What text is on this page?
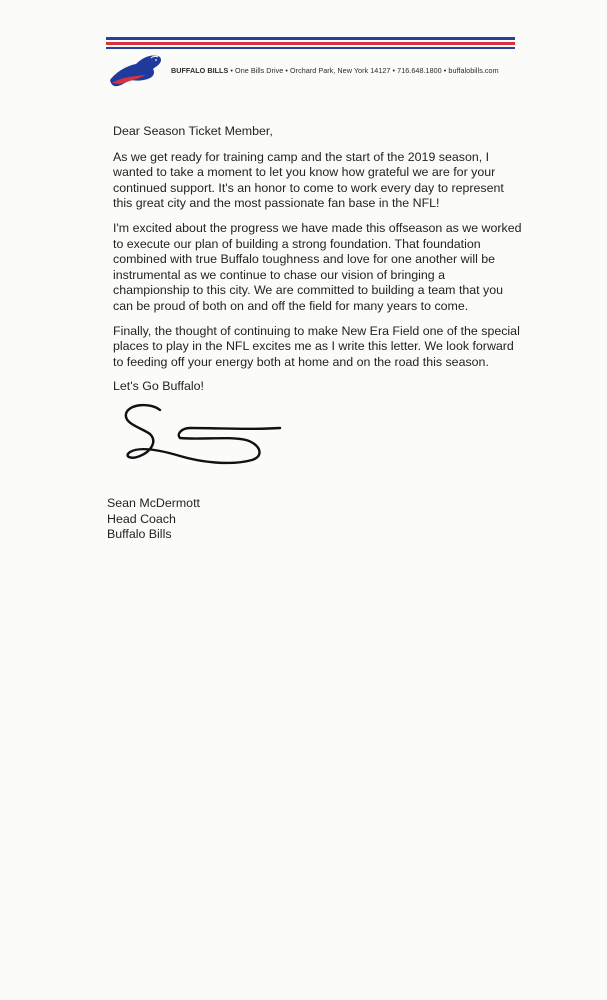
BUFFALO BILLS • One Bills Drive • Orchard Park, New York 14127 • 716.648.1800 • buffalobills.com

Dear Season Ticket Member,

As we get ready for training camp and the start of the 2019 season, I wanted to take a moment to let you know how grateful we are for your continued support. It's an honor to come to work every day to represent this great city and the most passionate fan base in the NFL!

I'm excited about the progress we have made this offseason as we worked to execute our plan of building a strong foundation. That foundation combined with true Buffalo toughness and love for one another will be instrumental as we continue to chase our vision of bringing a championship to this city. We are committed to building a team that you can be proud of both on and off the field for many years to come.

Finally, the thought of continuing to make New Era Field one of the special places to play in the NFL excites me as I write this letter. We look forward to feeding off your energy both at home and on the road this season.

Let's Go Buffalo!

Sean McDermott
Head Coach
Buffalo Bills
